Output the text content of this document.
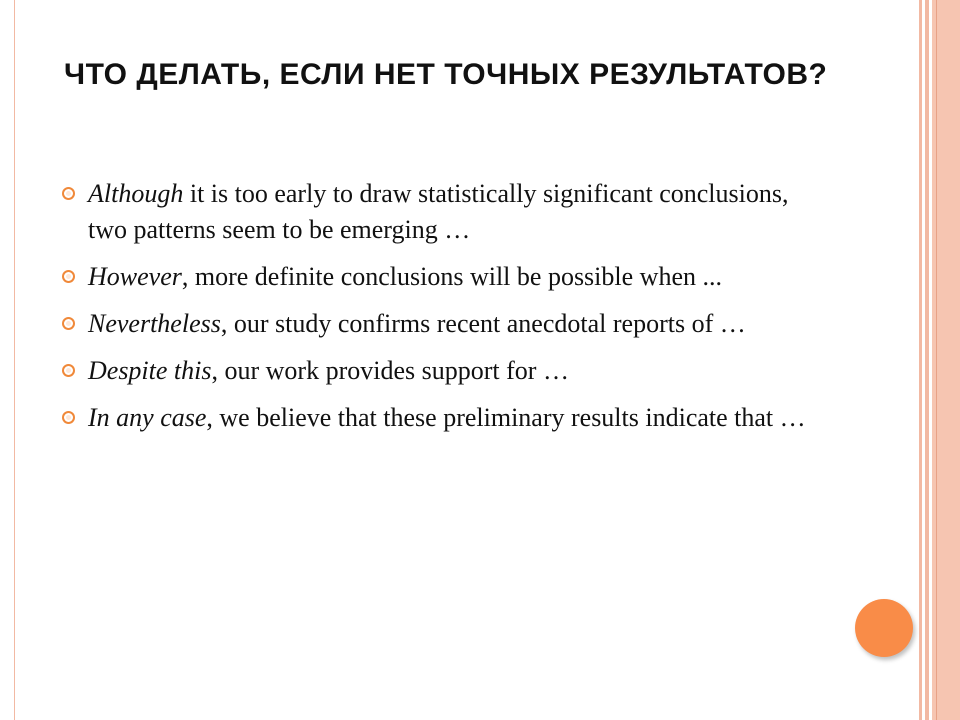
ЧТО ДЕЛАТЬ, ЕСЛИ НЕТ ТОЧНЫХ РЕЗУЛЬТАТОВ?
Although it is too early to draw statistically significant conclusions, two patterns seem to be emerging …
However, more definite conclusions will be possible when ...
Nevertheless, our study confirms recent anecdotal reports of …
Despite this, our work provides support for …
In any case, we believe that these preliminary results indicate that …
